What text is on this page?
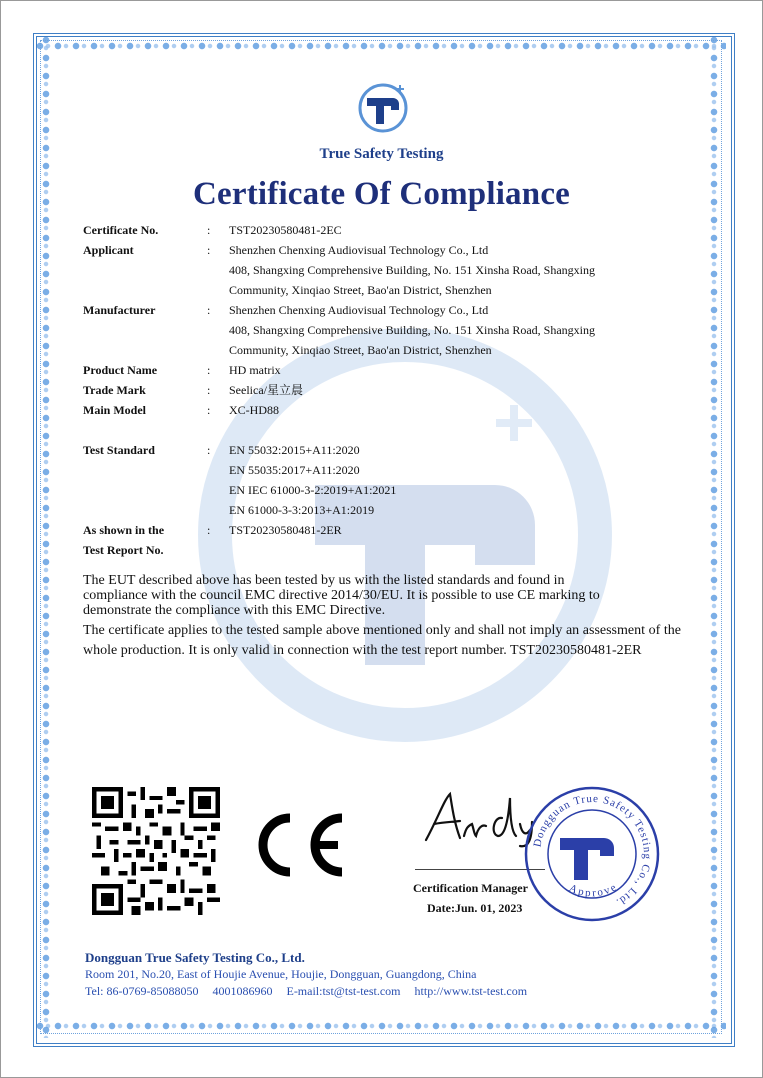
True Safety Testing
Certificate Of Compliance
Certificate No.	: TST20230580481-2EC
Applicant	: Shenzhen Chenxing Audiovisual Technology Co., Ltd
408, Shangxing Comprehensive Building, No. 151 Xinsha Road, Shangxing
Community, Xinqiao Street, Bao'an District, Shenzhen
Manufacturer	: Shenzhen Chenxing Audiovisual Technology Co., Ltd
408, Shangxing Comprehensive Building, No. 151 Xinsha Road, Shangxing
Community, Xinqiao Street, Bao'an District, Shenzhen
Product Name	: HD matrix
Trade Mark	: Seelica/星立晨
Main Model	: XC-HD88
Test Standard	: EN 55032:2015+A11:2020
EN 55035:2017+A11:2020
EN IEC 61000-3-2:2019+A1:2021
EN 61000-3-3:2013+A1:2019
As shown in the
Test Report No.
: TST20230580481-2ER
The EUT described above has been tested by us with the listed standards and found in
compliance with the council EMC directive 2014/30/EU. It is possible to use CE marking to
demonstrate the compliance with this EMC Directive.
The certificate applies to the tested sample above mentioned only and shall not imply an assessment of the whole production. It is only valid in connection with the test report number. TST20230580481-2ER
Certification Manager
Date:Jun. 01, 2023
Dongguan True Safety Testing Co., Ltd.
Approve
Dongguan True Safety Testing Co., Ltd.
Room 201, No.20, East of Houjie Avenue, Houjie, Dongguan, Guangdong, China
Tel: 86-0769-85088050 4001086960 E-mail:tst@tst-test.com http://www.tst-test.com
